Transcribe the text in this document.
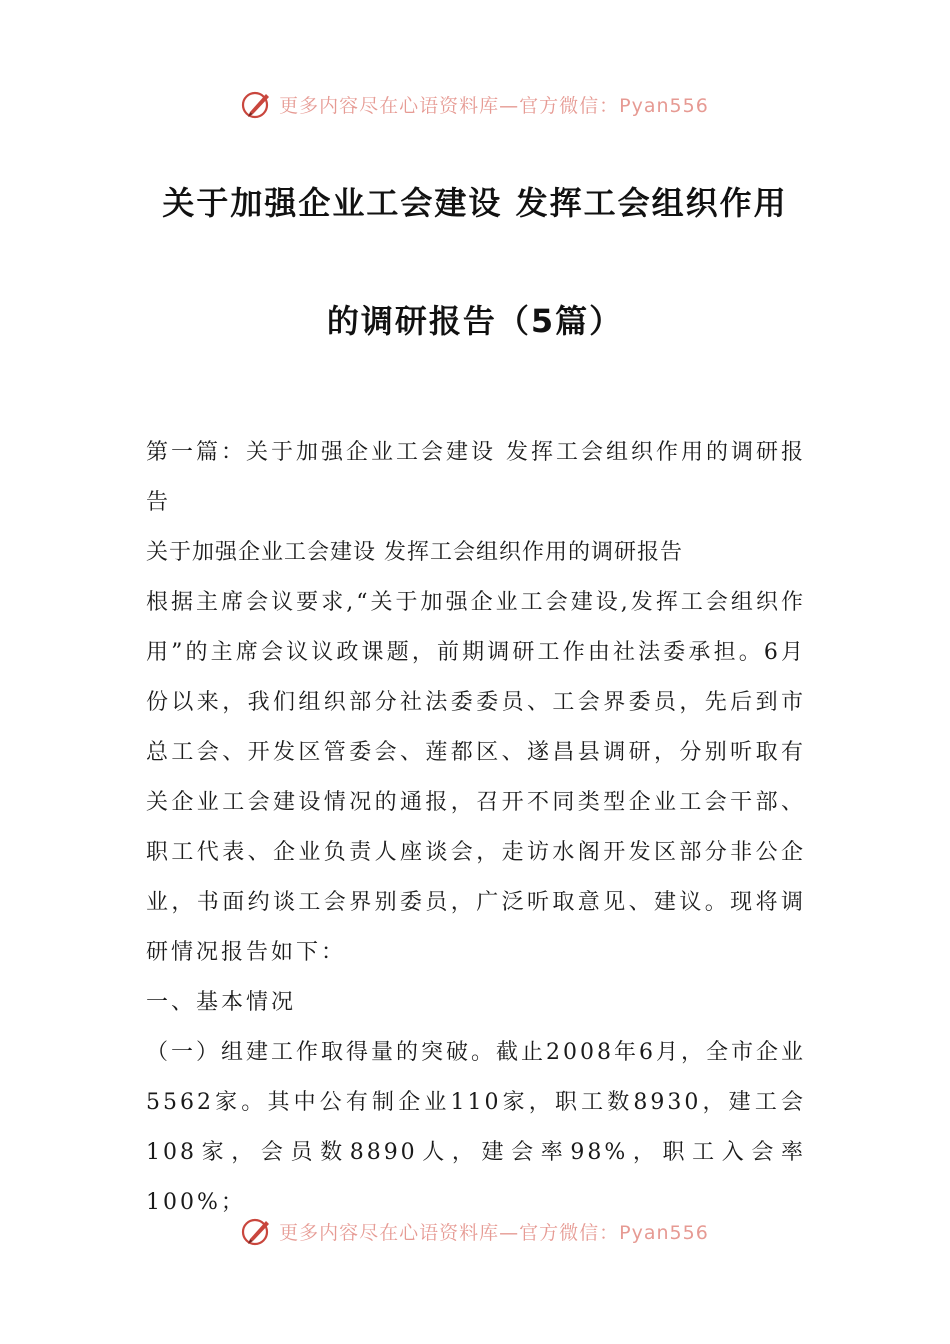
更多内容尽在心语资料库—官方微信：Pyan556
关于加强企业工会建设 发挥工会组织作用
的调研报告（5篇）

第一篇：关于加强企业工会建设 发挥工会组织作用的调研报告

关于加强企业工会建设 发挥工会组织作用的调研报告

根据主席会议要求,“关于加强企业工会建设,发挥工会组织作用”的主席会议议政课题，前期调研工作由社法委承担。6月份以来，我们组织部分社法委委员、工会界委员，先后到市总工会、开发区管委会、莲都区、遂昌县调研，分别听取有关企业工会建设情况的通报，召开不同类型企业工会干部、职工代表、企业负责人座谈会，走访水阁开发区部分非公企业，书面约谈工会界别委员，广泛听取意见、建议。现将调研情况报告如下：

一、基本情况

（一）组建工作取得量的突破。截止2008年6月，全市企业5562家。其中公有制企业110家，职工数8930，建工会108家，会员数8890人，建会率98%，职工入会率100%；

更多内容尽在心语资料库—官方微信：Pyan556
